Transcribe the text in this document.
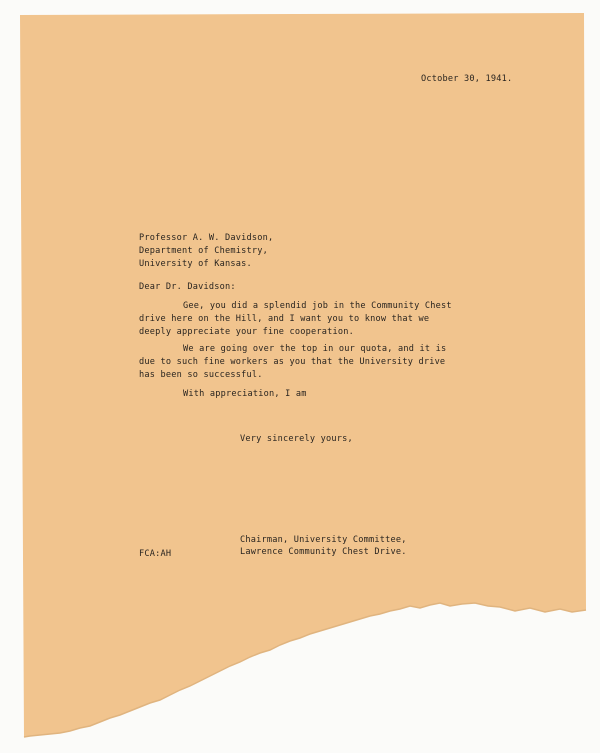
October 30, 1941.
Professor A. W. Davidson,
Department of Chemistry,
University of Kansas.
Dear Dr. Davidson:
Gee, you did a splendid job in the Community Chest
drive here on the Hill, and I want you to know that we
deeply appreciate your fine cooperation.
We are going over the top in our quota, and it is
due to such fine workers as you that the University drive
has been so successful.
With appreciation, I am
Very sincerely yours,
Chairman, University Committee,
Lawrence Community Chest Drive.
FCA:AH
